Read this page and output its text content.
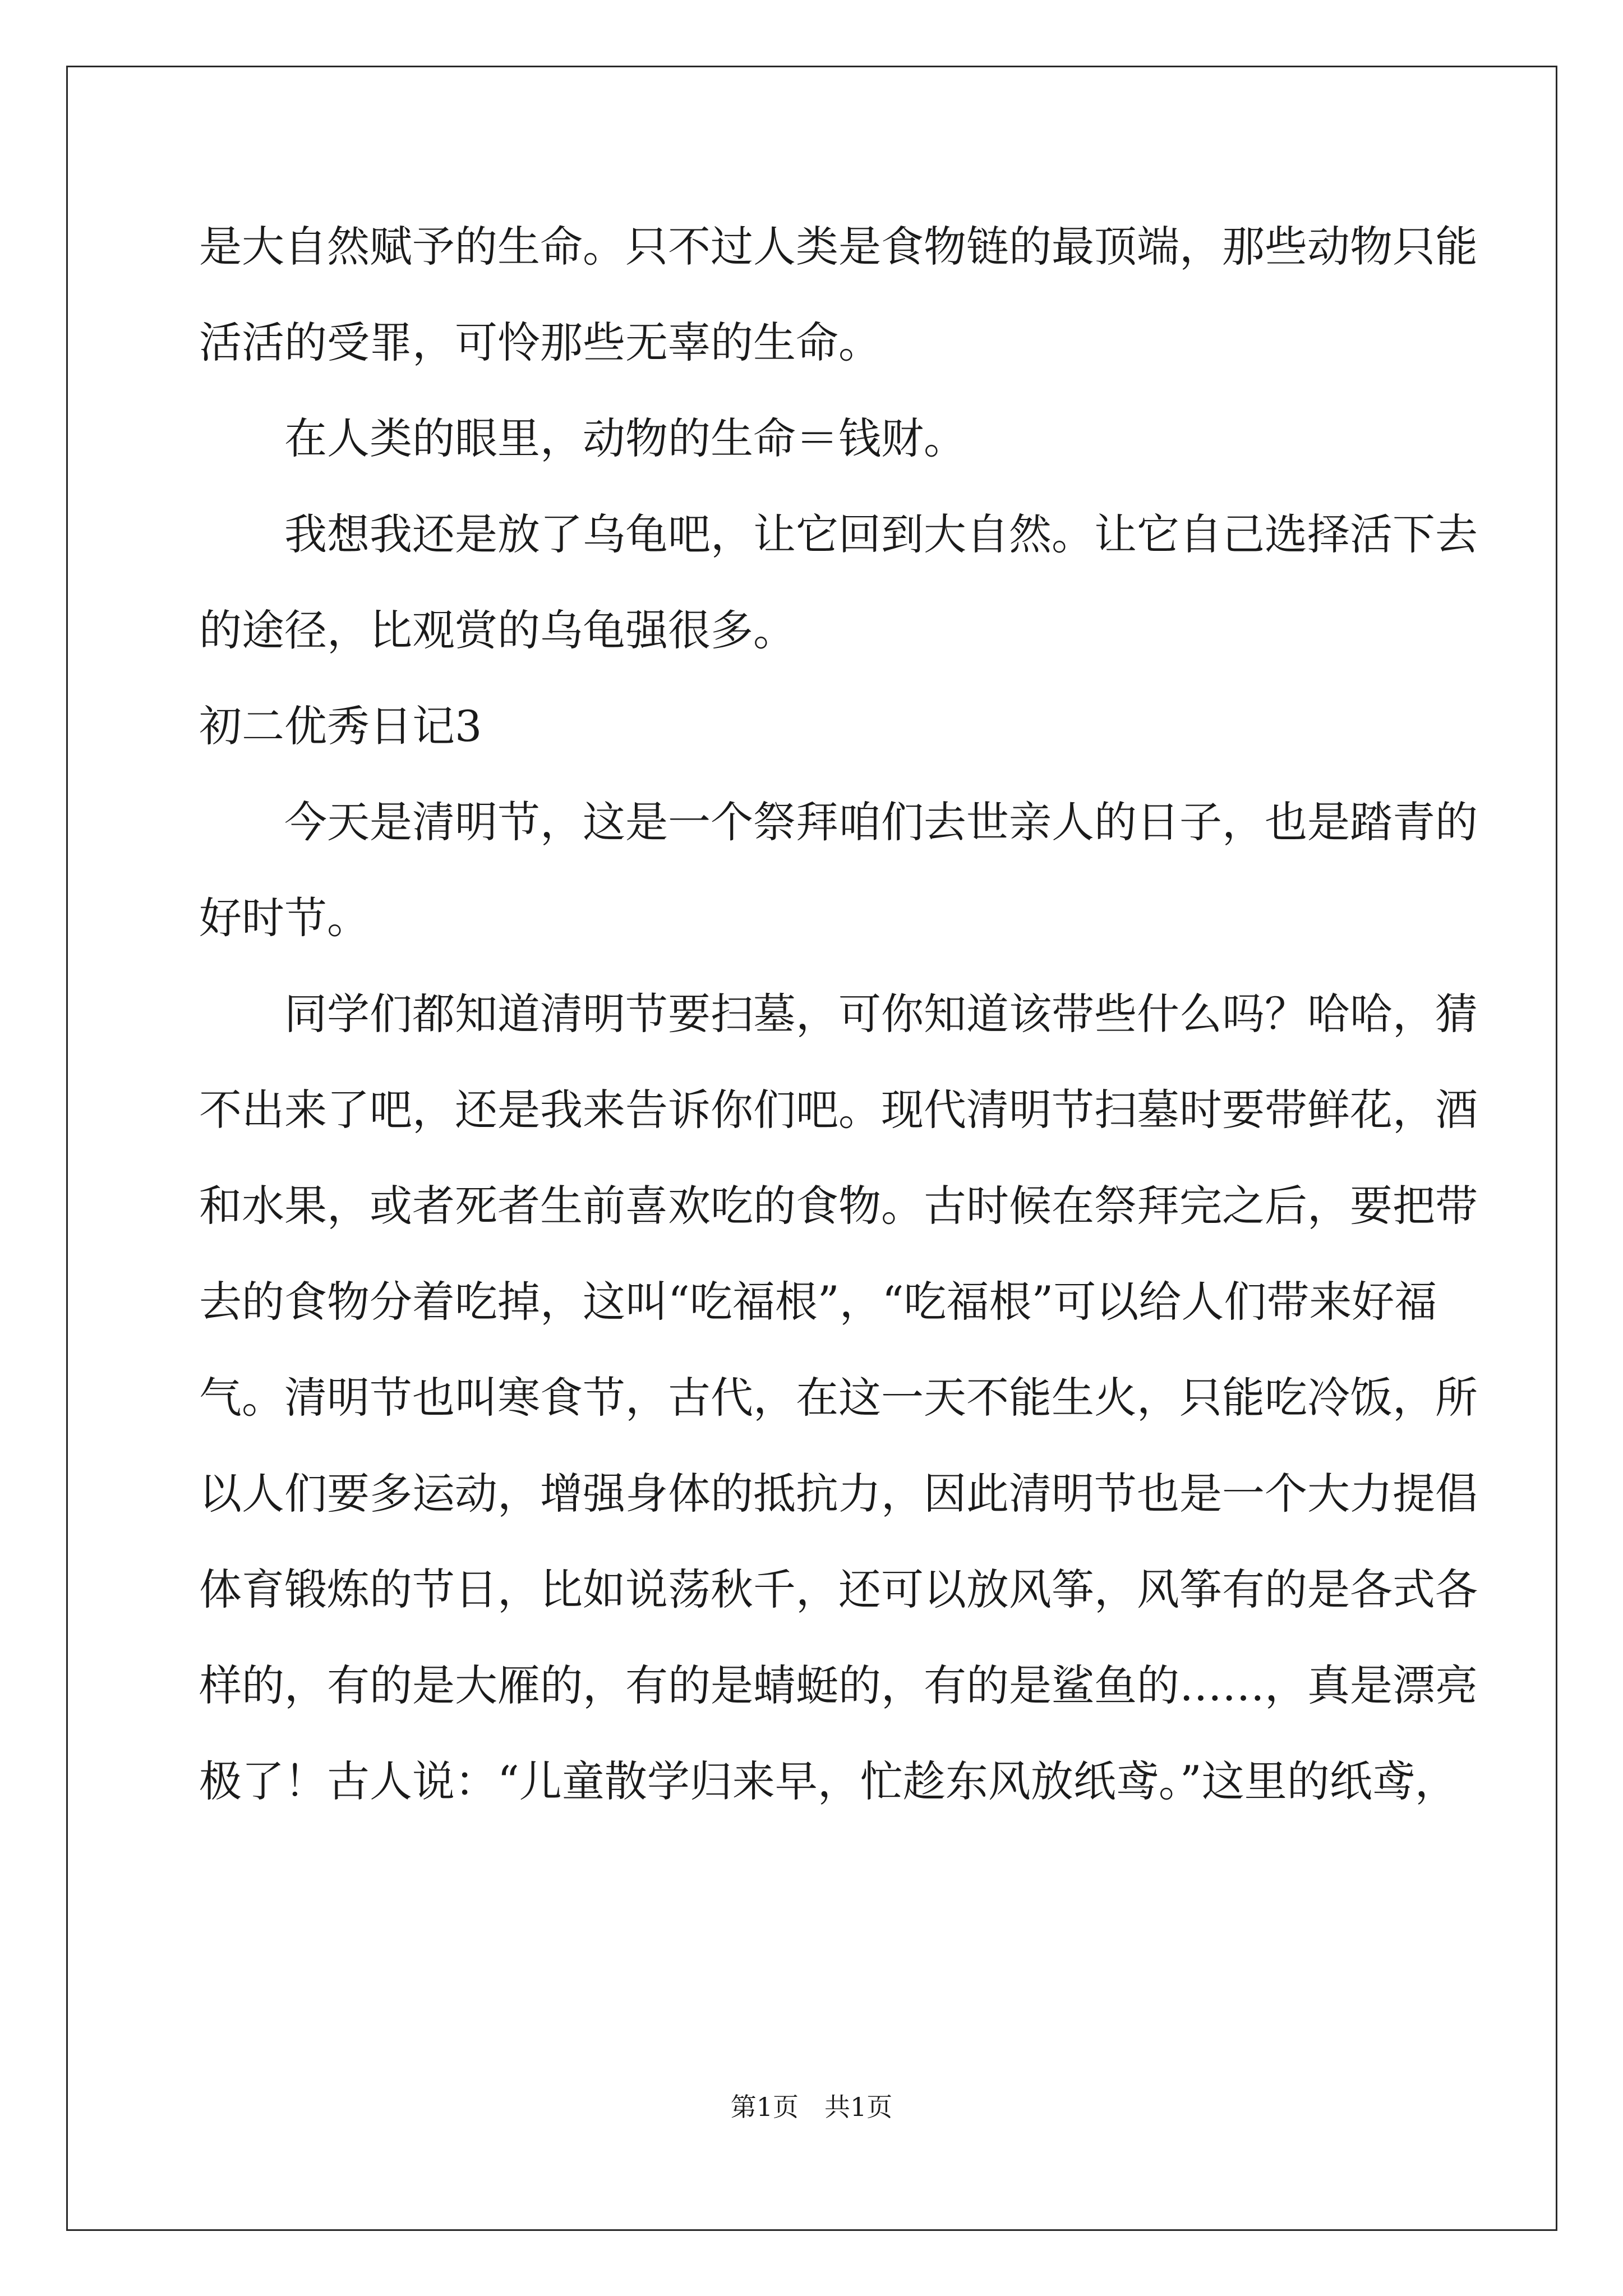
是大自然赋予的生命。只不过人类是食物链的最顶端，那些动物只能
活活的受罪，可怜那些无辜的生命。
　　在人类的眼里，动物的生命＝钱财。
　　我想我还是放了乌龟吧，让它回到大自然。让它自己选择活下去
的途径，比观赏的乌龟强很多。
初二优秀日记3
　　今天是清明节，这是一个祭拜咱们去世亲人的日子，也是踏青的
好时节。
　　同学们都知道清明节要扫墓，可你知道该带些什么吗？哈哈，猜
不出来了吧，还是我来告诉你们吧。现代清明节扫墓时要带鲜花，酒
和水果，或者死者生前喜欢吃的食物。古时候在祭拜完之后，要把带
去的食物分着吃掉，这叫“吃福根”，“吃福根”可以给人们带来好福
气。清明节也叫寒食节，古代，在这一天不能生火，只能吃冷饭，所
以人们要多运动，增强身体的抵抗力，因此清明节也是一个大力提倡
体育锻炼的节日，比如说荡秋千，还可以放风筝，风筝有的是各式各
样的，有的是大雁的，有的是蜻蜓的，有的是鲨鱼的……，真是漂亮
极了！古人说：“儿童散学归来早，忙趁东风放纸鸢。”这里的纸鸢，
第1页　共1页
